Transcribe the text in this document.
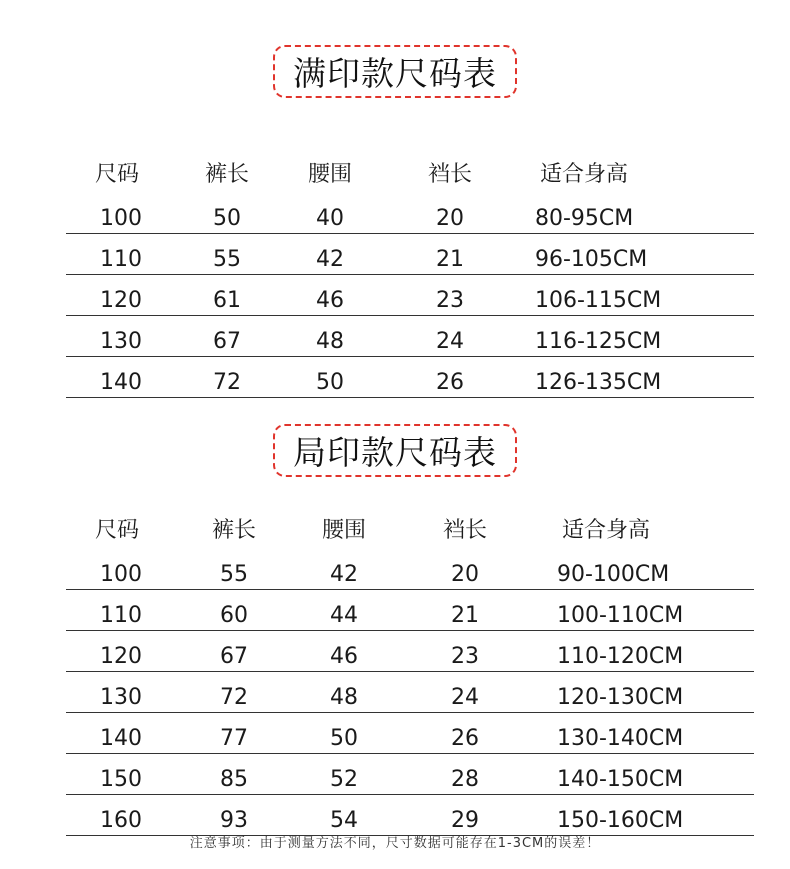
满印款尺码表
尺码	裤长	腰围	裆长	适合身高
100	50	40	20	80-95CM
110	55	42	21	96-105CM
120	61	46	23	106-115CM
130	67	48	24	116-125CM
140	72	50	26	126-135CM
局印款尺码表
尺码	裤长	腰围	裆长	适合身高
100	55	42	20	90-100CM
110	60	44	21	100-110CM
120	67	46	23	110-120CM
130	72	48	24	120-130CM
140	77	50	26	130-140CM
150	85	52	28	140-150CM
160	93	54	29	150-160CM
注意事项：由于测量方法不同，尺寸数据可能存在1-3CM的误差！
